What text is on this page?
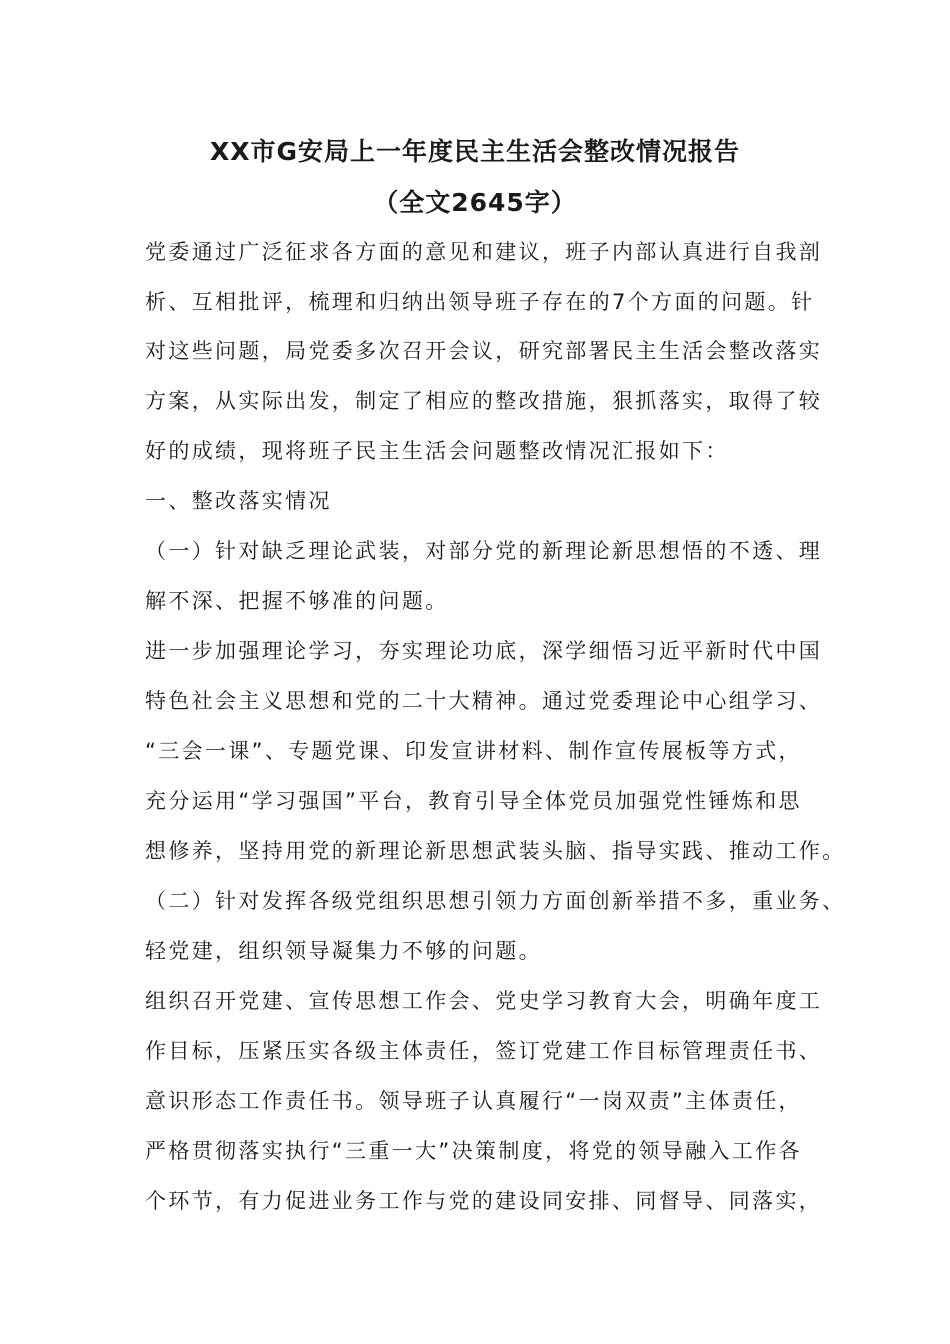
XX市G安局上一年度民主生活会整改情况报告
（全文2645字）
党委通过广泛征求各方面的意见和建议，班子内部认真进行自我剖
析、互相批评，梳理和归纳出领导班子存在的7个方面的问题。针
对这些问题，局党委多次召开会议，研究部署民主生活会整改落实
方案，从实际出发，制定了相应的整改措施，狠抓落实，取得了较
好的成绩，现将班子民主生活会问题整改情况汇报如下：
一、整改落实情况
（一）针对缺乏理论武装，对部分党的新理论新思想悟的不透、理
解不深、把握不够准的问题。
进一步加强理论学习，夯实理论功底，深学细悟习近平新时代中国
特色社会主义思想和党的二十大精神。通过党委理论中心组学习、
“三会一课”、专题党课、印发宣讲材料、制作宣传展板等方式，
充分运用“学习强国”平台，教育引导全体党员加强党性锤炼和思
想修养，坚持用党的新理论新思想武装头脑、指导实践、推动工作。
（二）针对发挥各级党组织思想引领力方面创新举措不多，重业务、
轻党建，组织领导凝集力不够的问题。
组织召开党建、宣传思想工作会、党史学习教育大会，明确年度工
作目标，压紧压实各级主体责任，签订党建工作目标管理责任书、
意识形态工作责任书。领导班子认真履行“一岗双责”主体责任，
严格贯彻落实执行“三重一大”决策制度，将党的领导融入工作各
个环节，有力促进业务工作与党的建设同安排、同督导、同落实，
